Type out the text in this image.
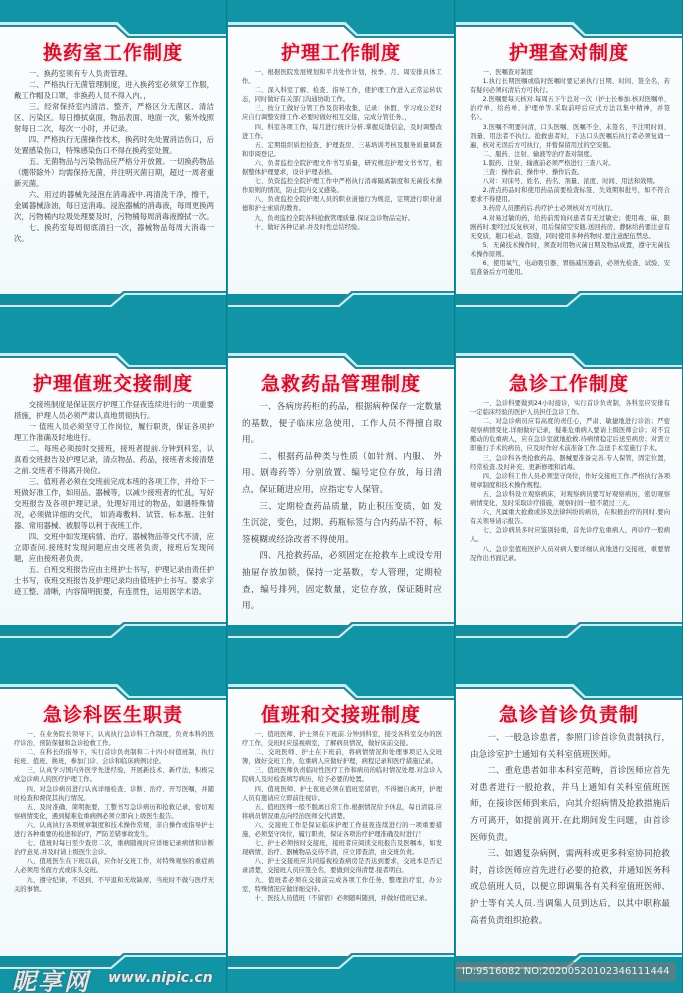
换药室工作制度

一、换药室须有专人负责管理。

二、严格执行无菌管理制度，进入换药室必须穿工作服，戴工作帽及口罩，非换药人员不得入内。，

三、经常保持室内清洁、整齐，严格区分无菌区、清洁区、污染区。每日擦拭桌面，物品表面、地面一次，紫外线照射每日二次，每次一小时，并记录。

四、严格执行无菌操作技术，换药时先处置消洁伤口，后处置感染伤口，特殊感染伤口不得在换药室处置。

五、无菌物品与污染物品应严格分开放置。一切换药物品（绷带除外）均需保持无菌，并注明灭菌日期，超过一周者重新灭菌。

六、用过的器械先浸泡在消毒液中.再清洗干净，擦干，金属器械涂油，每日送消毒。浸泡器械的消毒液，每周更换两次，污物桶内垃圾处理要及时，污物桶每周消毒液擦拭一次。

七、换药室每周彻底清扫一次，器械物品每周大消毒一次。

护理工作制度

一、根据医院发展规划和平共处作计划，按季、月、周安排具体工作。

二、深入科室了解、检查、指导工作，使护理工作进入正常运转状态，同时做好有关部门沟通协助工作。

三、按分工做好分管工作及资料收集、记录：休假、学习或公差时应自行调整安排工作.必要时做好相互交接，完成分管任务。，

四、科室各项工作，每月进行统计分析.掌握反馈信息，及时调整改进工作。

五、定期组织质控检查、护理查房、三基培训考核及服务质量调查和审阅登记。

六、负者监控全院护理文件书写质量，研究规范护理文书书写，根据整体护理要求，设计护理表格。

七、负资监控全院护理工作中严格执行消毒隔离制度和无菌技术操作原则的情况，防止院内交叉感染。

八、负责监控全院护理人员的职业道德行为规范，定期进行职业道德和护士索质的教育。

九、负责监控全院各科抢救管理质量.保证急诊物品完好。

十、做好各种记录.并及时性总结经验。

护理查对制度

一、医嘱查对制度

1.执行长期医嘱或临时医嘱时要记录执行日期、时间、签全名，若有疑问必须问清后方可执行。

2.医嘱要每天核对.每周五下午总对一次（护士长参加.核对医嘱单、治疗单、给药单、护理单等.采取前呼后应式方法以集中精神，并签名）。

3.医嘱不明要问清，口头医嘱、医嘱不全、未签名、不注明时间、剂量、用法者不执行。抢救患者时，下达口头医嘱后执行者必须复诵一遍，核对无误后方可执行，并暂保留用过的空安瓶。

二、服药、注射、输液等治疗查对制度。

1.服药、注射、输液前必须严格进行三查八对。

三查：操作前、操作中、操作后查。

八对：对床号、姓名、药名、剂量、浓度、时间、用法和效期。

2.清点药品时和使用药品前要检查标签、失效期和批号，如不符合要求不得使用。

3.药房人员摆药后.药疗护士必须核对方可执行。

4.对易过敏的药，给药前需询问患者有无过敏史；使用毒、麻、限剧药时.要经过反复核对，用后保留空安瓶.送回药房，静脉给药要注意有无变质，瓶口松动、裂缝，同时使用多种药物时.要注意配伍禁忌。

5．无菌技术操作时，须查对用物灭菌日期及物品成置，遵守无菌技术操作原则。

6、使用氧气、电动吸引器、胃肠减压器前，必须先检查、试验、安装准备后方可使用。

护理值班交接制度

交接班制度是保证医疗护理工作昼夜连续进行的一项重要措施，护理人员必须严肃认真地贯彻执行。

一 值班人员必须坚守工作岗位，履行职责，保证各项护理工作准确及时地进行。

二、每班必须按时交接班，接班者提前.分钟到科室，认真看交班报告及护理记录，清点物品、药品，接班者未接清楚之前.交班者不得离开岗位。

三、值班者必须在交班前完成本班的各项工作，并给下一班做好准工作，如用品、器械等，以减少接班者的忙乱，写好交班报告及各项护理记录，处理好用过的物品，如遇特殊情况，必须做详细的交代， 如消毒敷料、试管、标本瓶、注射器、常用器械、被服等以利于夜班工作。

四、交班中如发现病情、治疗、器械物品等交代不清，应立即查问.接班时发现问题应由交班者负责，接班后发现问题，应由接班者负责。

五、白班交班报告应由主班护士书写，护理记录由责任护士书写，夜班交班报告及护理记录均由值班护士书写。要求字迹工整、清晰，内容简明扼要，有连贯性，运用医学术语。

急救药品管理制度

一、各病房药柜的药品，根据病种保存一定数量的基数，便子临床应急使用，工作人员不得擅自取用。

二、根据药品种类与性质（如针剂、内服、 外用、剧毒药等）分别放置、编号定位存放，每日清点，保证随进应用，应指定专人保管。

三、定期检查药品质量，防止积压变质，如 发生沉淀，变色，过期、药瓶标签与合内药品不符，标签模糊或经涂改者不得使用。

四、凡抢救药品，必须固定在抢救车上或设专用抽屉存放加锁，保持一定基数，专人管理，定期检查，编号排列，固定数量，定位存放，保证随时应用。

急诊工作制度

一、急诊科要做到24小时接诊，实行首诊负责制，各科室应安排有一定临床经验的医护人员担任急诊工作。

二、对急诊病员应有高度的责任心，严肃、敏捷地进行诊治；严密观察病情变化.详细做好记录，疑难危重病人要请上级医师会诊；对不宜搬动的危重病人，应在急诊室就地抢救.待病情稳定后送至病房；对需立即施行手术的病员，应及时作好术前准备工作.急送手术室施行手术。

三、急诊科各类抢救药品、器械要准备完善.专人保管，固定位置，经常检查.及时补充、更新修理和消毒。

四、急诊科工作人员必须坚守岗位，作好交接班工作.严格执行各项规章制度和技术操作规程。

五、急诊科设立观察病床，对观察病员要写好观察病历，密切观察病情变化，及时采取诊疗措施，观察时间一般不超过三天。

六、凡属重大抢救或涉及法律纠纷的病员，在积极治疗的同时.要向有关领导请示报告。

七、急诊病员多时应鉴别轻重，首先诊疗危重病人，再诊疗一般病人。

八、急诊室值班医护人员对病人要详细认真地进行交接班，重要情况作出书面记录。

急诊科医生职责

一、在业务院长领导下，认真执行急诊科工作制度，负责本科的医疗诊治、预防保健和急诊抢救工作。

二、在科长的指导下，实行首诊负责制和二十四小时值班制，执行轮班、值班、换班，参加门诊、会诊和临床病例讨论。

三、认真学习国内外医学先进经验，开展新技术、新疗法，积极完成急诊病人的医疗护理工作。

四、对急诊病员进行认真详细检查、诊断、治疗、开写医嘱，并随时检查和督促其执行情况。

五、及时准确、简明扼要，工整书写急诊病历和抢救记录，密切观察病情变化，遇到疑难危重病例必须立即向上级医生报告。

六、认真执行各项规章制度和技术操作常规，亲自操作或指导护士进行各种重要的检进和治疗，严防差错事故发生。

七、值班时每日至少查房二次，重病随视时应详细记录病情和诊断治疗意见.并及时请上级医生会诊。

八、值班医生在下班以前，应作好交班工作，对特殊观察的重症病人必须用书面方式或床头交班。

九、遵守纪律，不迟到、不早退和无故缺席，当班时不做与医疗无关的事情。

值班和交接班制度

一、值班医师、护士须在下班前.分钟到科室，接受各科室交办的医疗工作，交班时应巡视病室，了解病员情况，做好床前交接。

二、交班医师、护士在下班前，将病情情况和处理事项记入交班簿，做好交班工作，危重病人应做好护理，病程记录和医疗措施记录。

三、值班医师负责临时性医疗工作和病员的临时情况处理.对急诊入院病人及时检查填写病历，给予必要的处置。

四、值班医师、护士夜班必须在值班室留宿，不得擅自离开，护理人员有邀请应立即前往视诊。

五、值班医师一般不脱离日常工作.根据情况给予休息，每日清晨.应将病员情况重点向经治医师交代清楚。

六、交接班工作是保证临床护理工作昼夜连续进行的一项重要措施，必须坚守岗位，履行职责，保证各项治疗护理准确及时进行！

七、护士必须按时交接班，接班者应阅读交班报告及医嘱本，如发现病情、治疗、器械物品交待不清，应立即查清，由交班负责。

八、护士交接班应共同巡视检查病房是否达到要求，交班本是否记录清楚，交接班人员应签全名，要做到交得清楚.接者明白。

九、值班者必须在交接前完成各项工作任务，整理治疗室，办公室，特殊情况应做详细交待。

十、医技人员值班（不留宿）必须随叫随到，并做好值班记录。

急诊首诊负责制

一、一般急诊患者，参照门诊首诊负责制执行，由急诊室护士通知有关科室值班医师。

二、重危患者如非本科室范畴，首诊医师应首先对患者进行一般抢救，并马上通知有关科室值班医师，在接诊医师到来后，向其介绍病情及抢救措施后方可离开，如提前离开.在此期间发生问题，由首诊医师负责。

三、如遇复杂病例，需两科或更多科室协同抢救时，首诊医师应首先进行必要的抢救，并通知医务科或总值班人员，以便立即调集各有关科室值班医师、护士等有关人员.当调集人员到达后，以其中职称最高者负责组织抢救。

昵享网 www.nipic.cn	ID:9516082 NO:20200520102346111444
